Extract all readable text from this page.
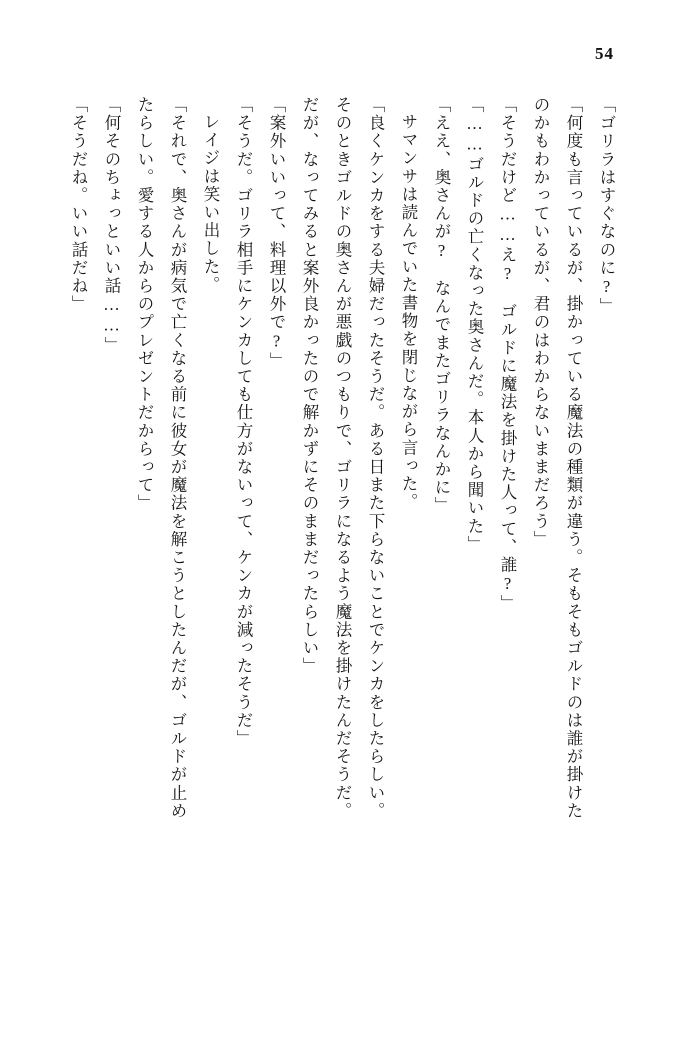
54
「ゴリラはすぐなのに?」
「何度も言っているが、掛かっている魔法の種類が違う。そもそもゴルドのは誰が掛けた
のかもわかっているが、君のはわからないままだろう」
「そうだけど……え?　ゴルドに魔法を掛けた人って、誰?」
「……ゴルドの亡くなった奥さんだ。本人から聞いた」
「ええ、奥さんが?　なんでまたゴリラなんかに」
サマンサは読んでいた書物を閉じながら言った。
「良くケンカをする夫婦だったそうだ。ある日また下らないことでケンカをしたらしい。
そのときゴルドの奥さんが悪戯のつもりで、ゴリラになるよう魔法を掛けたんだそうだ。
だが、なってみると案外良かったので解かずにそのままだったらしい」
「案外いいって、料理以外で?」
「そうだ。ゴリラ相手にケンカしても仕方がないって、ケンカが減ったそうだ」
レイジは笑い出した。
「それで、奥さんが病気で亡くなる前に彼女が魔法を解こうとしたんだが、ゴルドが止め
たらしい。愛する人からのプレゼントだからって」
「何そのちょっといい話……」
「そうだね。いい話だね」
